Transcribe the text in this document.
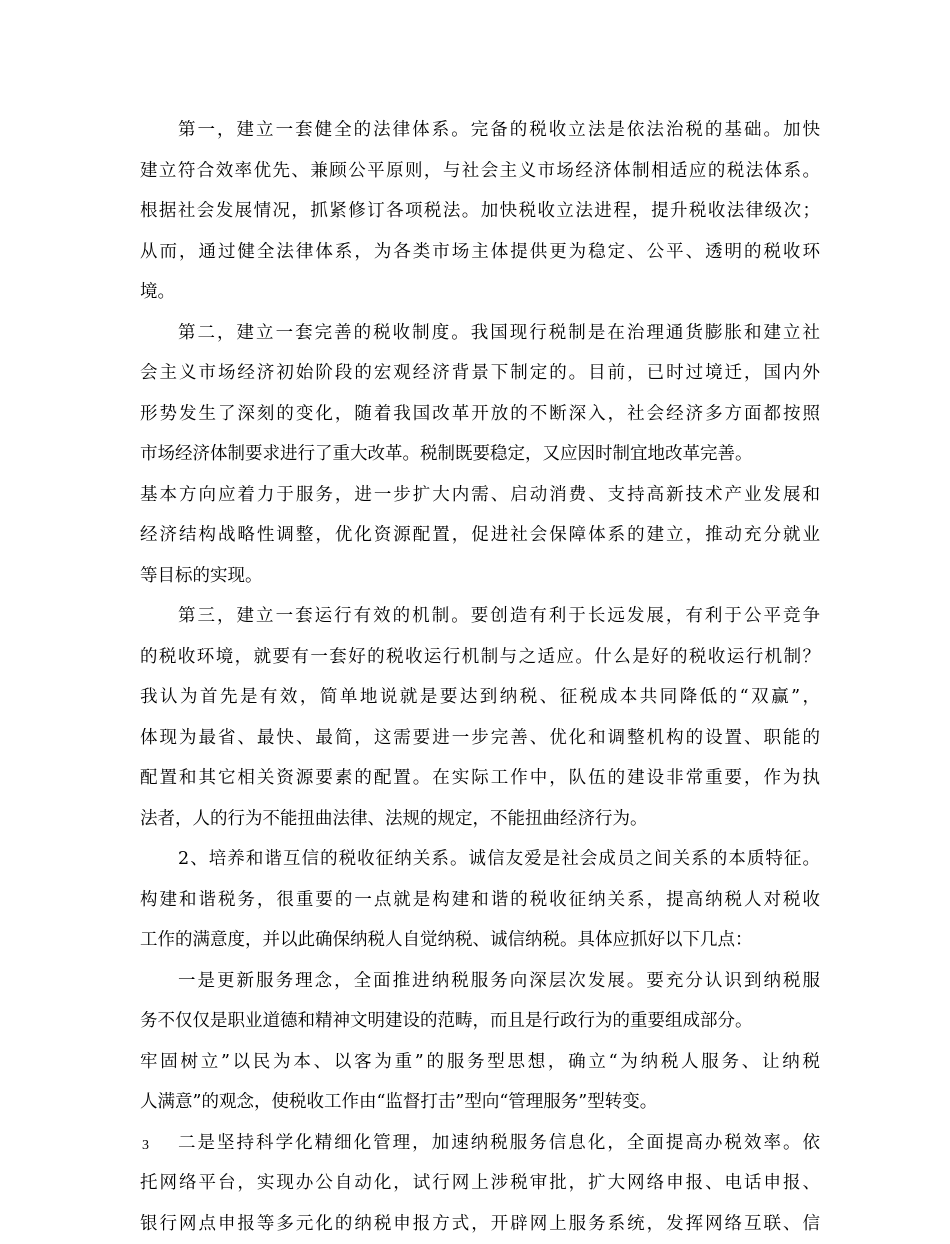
第一，建立一套健全的法律体系。完备的税收立法是依法治税的基础。加快
建立符合效率优先、兼顾公平原则，与社会主义市场经济体制相适应的税法体系。
根据社会发展情况，抓紧修订各项税法。加快税收立法进程，提升税收法律级次；
从而，通过健全法律体系，为各类市场主体提供更为稳定、公平、透明的税收环
境。
第二，建立一套完善的税收制度。我国现行税制是在治理通货膨胀和建立社
会主义市场经济初始阶段的宏观经济背景下制定的。目前，已时过境迁，国内外
形势发生了深刻的变化，随着我国改革开放的不断深入，社会经济多方面都按照
市场经济体制要求进行了重大改革。税制既要稳定，又应因时制宜地改革完善。
基本方向应着力于服务，进一步扩大内需、启动消费、支持高新技术产业发展和
经济结构战略性调整，优化资源配置，促进社会保障体系的建立，推动充分就业
等目标的实现。
第三，建立一套运行有效的机制。要创造有利于长远发展，有利于公平竞争
的税收环境，就要有一套好的税收运行机制与之适应。什么是好的税收运行机制？
我认为首先是有效，简单地说就是要达到纳税、征税成本共同降低的“双赢”，
体现为最省、最快、最简，这需要进一步完善、优化和调整机构的设置、职能的
配置和其它相关资源要素的配置。在实际工作中，队伍的建设非常重要，作为执
法者，人的行为不能扭曲法律、法规的规定，不能扭曲经济行为。
2、培养和谐互信的税收征纳关系。诚信友爱是社会成员之间关系的本质特征。
构建和谐税务，很重要的一点就是构建和谐的税收征纳关系，提高纳税人对税收
工作的满意度，并以此确保纳税人自觉纳税、诚信纳税。具体应抓好以下几点：
一是更新服务理念，全面推进纳税服务向深层次发展。要充分认识到纳税服
务不仅仅是职业道德和精神文明建设的范畴，而且是行政行为的重要组成部分。
牢固树立”以民为本、以客为重”的服务型思想，确立“为纳税人服务、让纳税
人满意”的观念，使税收工作由“监督打击”型向“管理服务”型转变。
二是坚持科学化精细化管理，加速纳税服务信息化，全面提高办税效率。依
托网络平台，实现办公自动化，试行网上涉税审批，扩大网络申报、电话申报、
银行网点申报等多元化的纳税申报方式，开辟网上服务系统，发挥网络互联、信
3
